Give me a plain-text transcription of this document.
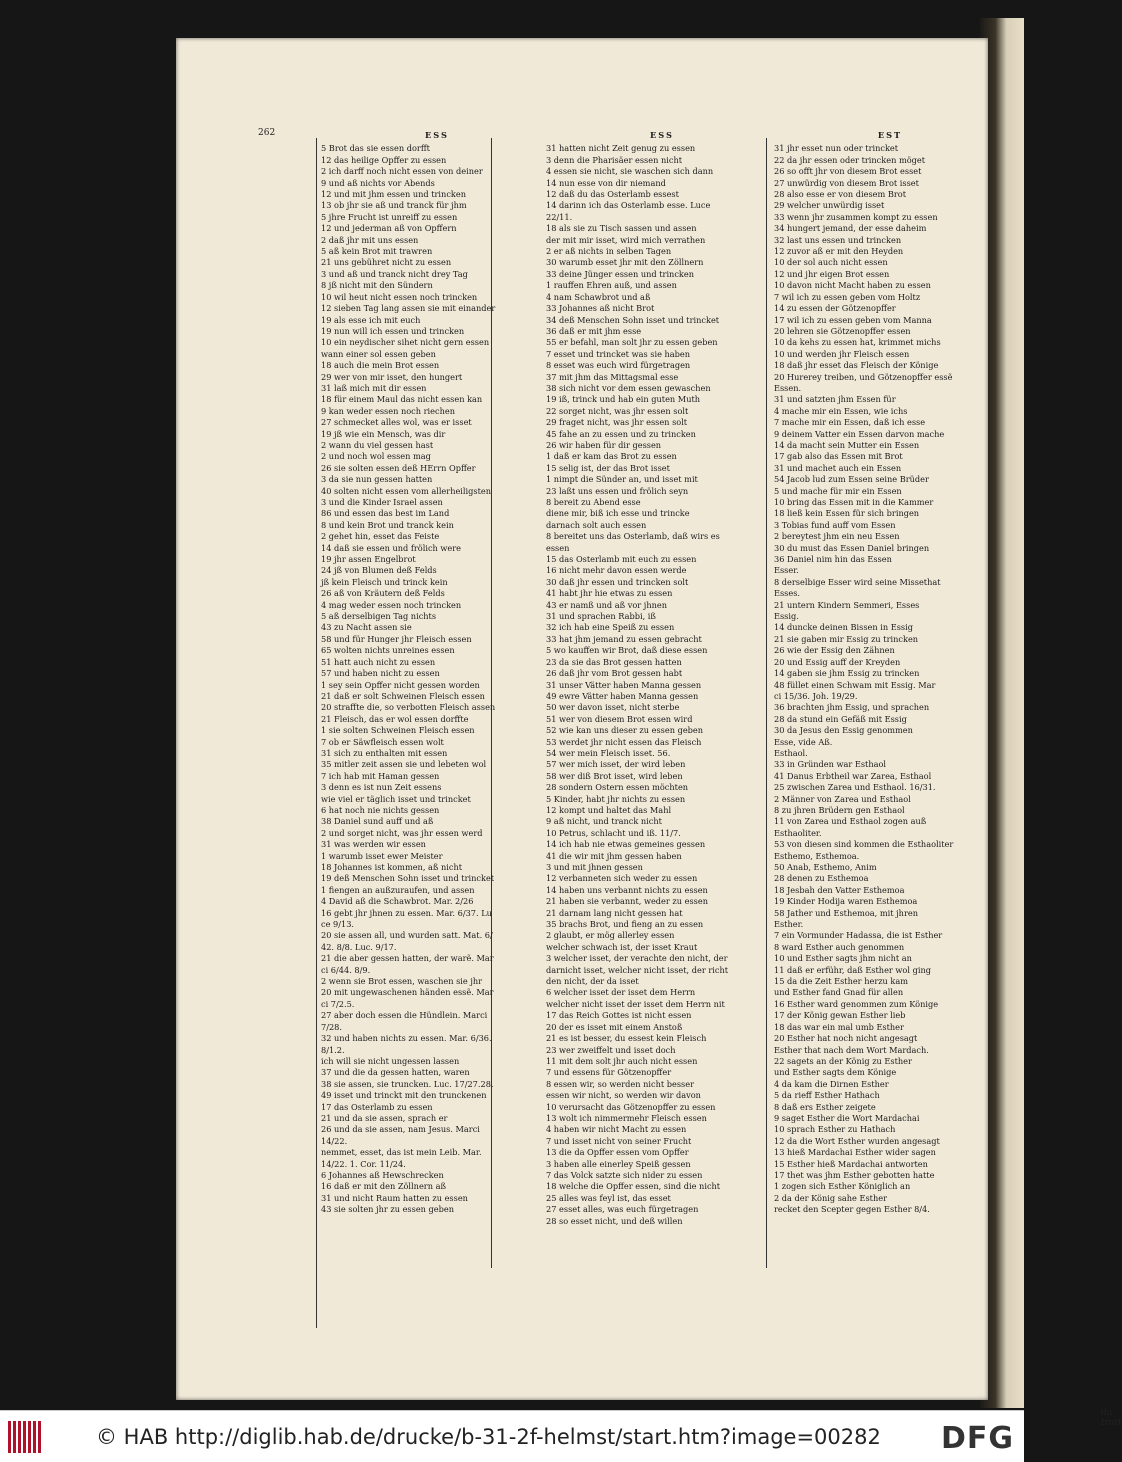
262	ESS
5 Brot das sie essen dorfft
12 das heilige Opffer zu essen
2 ich darff noch nicht essen von deiner
9 und aß nichts vor Abends
12 und mit jhm essen und trincken
13 ob jhr sie aß und tranck für jhm
5 jhre Frucht ist unreiff zu essen
12 und jederman aß von Opffern
2 daß jhr mit uns essen
5 aß kein Brot mit trawren
21 uns gebühret nicht zu essen
3 und aß und tranck nicht drey Tag
8 jß nicht mit den Sündern
10 wil heut nicht essen noch trincken
12 sieben Tag lang assen sie mit einander
19 als esse ich mit euch
19 nun will ich essen und trincken
10 ein neydischer sihet nicht gern essen
wann einer sol essen geben
18 auch die mein Brot essen
29 wer von mir isset, den hungert
31 laß mich mit dir essen
18 für einem Maul das nicht essen kan
9 kan weder essen noch riechen
27 schmecket alles wol, was er isset
19 jß wie ein Mensch, was dir
2 wann du viel gessen hast
2 und noch wol essen mag
26 sie solten essen deß HErrn Opffer
3 da sie nun gessen hatten
40 solten nicht essen vom allerheiligsten
3 und die Kinder Israel assen
86 und essen das best im Land
8 und kein Brot und tranck kein
2 gehet hin, esset das Feiste
14 daß sie essen und frölich were
19 jhr assen Engelbrot
24 jß von Blumen deß Felds
jß kein Fleisch und trinck kein
26 aß von Kräutern deß Felds
4 mag weder essen noch trincken
5 aß derselbigen Tag nichts
43 zu Nacht assen sie
58 und für Hunger jhr Fleisch essen
65 wolten nichts unreines essen
51 hatt auch nicht zu essen
57 und haben nicht zu essen
1 sey sein Opffer nicht gessen worden
21 daß er solt Schweinen Fleisch essen
20 straffte die, so verbotten Fleisch assen
21 Fleisch, das er wol essen dorffte
1 sie solten Schweinen Fleisch essen
7 ob er Säwfleisch essen wolt
31 sich zu enthalten mit essen
35 mitler zeit assen sie und lebeten wol
7 ich hab mit Haman gessen
3 denn es ist nun Zeit essens
wie viel er täglich isset und trincket
6 hat noch nie nichts gessen
38 Daniel sund auff und aß
2 und sorget nicht, was jhr essen werd
31 was werden wir essen
1 warumb isset ewer Meister
18 Johannes ist kommen, aß nicht
19 deß Menschen Sohn isset und trincket
1 fiengen an außzuraufen, und assen
4 David aß die Schawbrot. Mar. 2/26
16 gebt jhr jhnen zu essen. Mar. 6/37. Lu
ce 9/13.
20 sie assen all, und wurden satt. Mat. 6/
42. 8/8. Luc. 9/17.
21 die aber gessen hatten, der warẽ. Mar
ci 6/44. 8/9.
2 wenn sie Brot essen, waschen sie jhr
20 mit ungewaschenen händen essẽ. Mar
ci 7/2.5.
27 aber doch essen die Hündlein. Marci
7/28.
32 und haben nichts zu essen. Mar. 6/36.
8/1.2.
ich will sie nicht ungessen lassen
37 und die da gessen hatten, waren
38 sie assen, sie truncken. Luc. 17/27.28.
49 isset und trinckt mit den trunckenen
17 das Osterlamb zu essen
21 und da sie assen, sprach er
26 und da sie assen, nam Jesus. Marci
14/22.
nemmet, esset, das ist mein Leib. Mar.
14/22. 1. Cor. 11/24.
6 Johannes aß Hewschrecken
16 daß er mit den Zöllnern aß
31 und nicht Raum hatten zu essen
43 sie solten jhr zu essen geben
ESS
31 hatten nicht Zeit genug zu essen
3 denn die Pharisäer essen nicht
4 essen sie nicht, sie waschen sich dann
14 nun esse von dir niemand
12 daß du das Osterlamb essest
14 darinn ich das Osterlamb esse. Luce
22/11.
18 als sie zu Tisch sassen und assen
der mit mir isset, wird mich verrathen
2 er aß nichts in selben Tagen
30 warumb esset jhr mit den Zöllnern
33 deine Jünger essen und trincken
1 rauffen Ehren auß, und assen
4 nam Schawbrot und aß
33 Johannes aß nicht Brot
34 deß Menschen Sohn isset und trincket
36 daß er mit jhm esse
55 er befahl, man solt jhr zu essen geben
7 esset und trincket was sie haben
8 esset was euch wird fürgetragen
37 mit jhm das Mittagsmal esse
38 sich nicht vor dem essen gewaschen
19 iß, trinck und hab ein guten Muth
22 sorget nicht, was jhr essen solt
29 fraget nicht, was jhr essen solt
45 fahe an zu essen und zu trincken
26 wir haben für dir gessen
1 daß er kam das Brot zu essen
15 selig ist, der das Brot isset
1 nimpt die Sünder an, und isset mit
23 laßt uns essen und frölich seyn
8 bereit zu Abend esse
diene mir, biß ich esse und trincke
darnach solt auch essen
8 bereitet uns das Osterlamb, daß wirs es
essen
15 das Osterlamb mit euch zu essen
16 nicht mehr davon essen werde
30 daß jhr essen und trincken solt
41 habt jhr hie etwas zu essen
43 er namß und aß vor jhnen
31 und sprachen Rabbi, iß
32 ich hab eine Speiß zu essen
33 hat jhm jemand zu essen gebracht
5 wo kauffen wir Brot, daß diese essen
23 da sie das Brot gessen hatten
26 daß jhr vom Brot gessen habt
31 unser Vätter haben Manna gessen
49 ewre Vätter haben Manna gessen
50 wer davon isset, nicht sterbe
51 wer von diesem Brot essen wird
52 wie kan uns dieser zu essen geben
53 werdet jhr nicht essen das Fleisch
54 wer mein Fleisch isset. 56.
57 wer mich isset, der wird leben
58 wer diß Brot isset, wird leben
28 sondern Ostern essen möchten
5 Kinder, habt jhr nichts zu essen
12 kompt und haltet das Mahl
9 aß nicht, und tranck nicht
10 Petrus, schlacht und iß. 11/7.
14 ich hab nie etwas gemeines gessen
41 die wir mit jhm gessen haben
3 und mit jhnen gessen
12 verbanneten sich weder zu essen
14 haben uns verbannt nichts zu essen
21 haben sie verbannt, weder zu essen
21 darnam lang nicht gessen hat
35 brachs Brot, und fieng an zu essen
2 glaubt, er mög allerley essen
welcher schwach ist, der isset Kraut
3 welcher isset, der verachte den nicht, der
darnicht isset, welcher nicht isset, der richt
den nicht, der da isset
6 welcher isset der isset dem Herrn
welcher nicht isset der isset dem Herrn nit
17 das Reich Gottes ist nicht essen
20 der es isset mit einem Anstoß
21 es ist besser, du essest kein Fleisch
23 wer zweiffelt und isset doch
11 mit dem solt jhr auch nicht essen
7 und essens für Götzenopffer
8 essen wir, so werden nicht besser
essen wir nicht, so werden wir davon
10 verursacht das Götzenopffer zu essen
13 wolt ich nimmermehr Fleisch essen
4 haben wir nicht Macht zu essen
7 und isset nicht von seiner Frucht
13 die da Opffer essen vom Opffer
3 haben alle einerley Speiß gessen
7 das Volck satzte sich nider zu essen
18 welche die Opffer essen, sind die nicht
25 alles was feyl ist, das esset
27 esset alles, was euch fürgetragen
28 so esset nicht, und deß willen
EST
31 jhr esset nun oder trincket
22 da jhr essen oder trincken möget
26 so offt jhr von diesem Brot esset
27 unwürdig von diesem Brot isset
28 also esse er von diesem Brot
29 welcher unwürdig isset
33 wenn jhr zusammen kompt zu essen
34 hungert jemand, der esse daheim
32 last uns essen und trincken
12 zuvor aß er mit den Heyden
10 der sol auch nicht essen
12 und jhr eigen Brot essen
10 davon nicht Macht haben zu essen
7 wil ich zu essen geben vom Holtz
14 zu essen der Götzenopffer
17 wil ich zu essen geben vom Manna
20 lehren sie Götzenopffer essen
10 da kehs zu essen hat, krimmet michs
10 und werden jhr Fleisch essen
18 daß jhr esset das Fleisch der Könige
20 Hurerey treiben, und Götzenopffer essẽ
Essen.
31 und satzten jhm Essen für
4 mache mir ein Essen, wie ichs
7 mache mir ein Essen, daß ich esse
9 deinem Vatter ein Essen darvon mache
14 da macht sein Mutter ein Essen
17 gab also das Essen mit Brot
31 und machet auch ein Essen
54 Jacob lud zum Essen seine Brüder
5 und mache für mir ein Essen
10 bring das Essen mit in die Kammer
18 ließ kein Essen für sich bringen
3 Tobias fund auff vom Essen
2 bereytest jhm ein neu Essen
30 du must das Essen Daniel bringen
36 Daniel nim hin das Essen
Esser.
8 derselbige Esser wird seine Missethat
Esses.
21 untern Kindern Semmeri, Esses
Essig.
14 duncke deinen Bissen in Essig
21 sie gaben mir Essig zu trincken
26 wie der Essig den Zähnen
20 und Essig auff der Kreyden
14 gaben sie jhm Essig zu trincken
48 füllet einen Schwam mit Essig. Mar
ci 15/36. Joh. 19/29.
36 brachten jhm Essig, und sprachen
28 da stund ein Gefäß mit Essig
30 da Jesus den Essig genommen
Esse, vide Aß.
Esthaol.
33 in Gründen war Esthaol
41 Danus Erbtheil war Zarea, Esthaol
25 zwischen Zarea und Esthaol. 16/31.
2 Männer von Zarea und Esthaol
8 zu jhren Brüdern gen Esthaol
11 von Zarea und Esthaol zogen auß
Esthaoliter.
53 von diesen sind kommen die Esthaoliter
Esthemo, Esthemoa.
50 Anab, Esthemo, Anim
28 denen zu Esthemoa
18 Jesbah den Vatter Esthemoa
19 Kinder Hodija waren Esthemoa
58 Jather und Esthemoa, mit jhren
Esther.
7 ein Vormunder Hadassa, die ist Esther
8 ward Esther auch genommen
10 und Esther sagts jhm nicht an
11 daß er erführ, daß Esther wol ging
15 da die Zeit Esther herzu kam
und Esther fand Gnad für allen
16 Esther ward genommen zum Könige
17 der König gewan Esther lieb
18 das war ein mal umb Esther
20 Esther hat noch nicht angesagt
Esther that nach dem Wort Mardach.
22 sagets an der König zu Esther
und Esther sagts dem Könige
4 da kam die Dirnen Esther
5 da rieff Esther Hathach
8 daß ers Esther zeigete
9 saget Esther die Wort Mardachai
10 sprach Esther zu Hathach
12 da die Wort Esther wurden angesagt
13 hieß Mardachai Esther wider sagen
15 Esther hieß Mardachai antworten
17 thet was jhm Esther gebotten hatte
1 zogen sich Esther Königlich an
2 da der König sahe Esther
recket den Scepter gegen Esther 8/4.
da tratt
© HAB http://diglib.hab.de/drucke/b-31-2f-helmst/start.htm?image=00282 DFG
